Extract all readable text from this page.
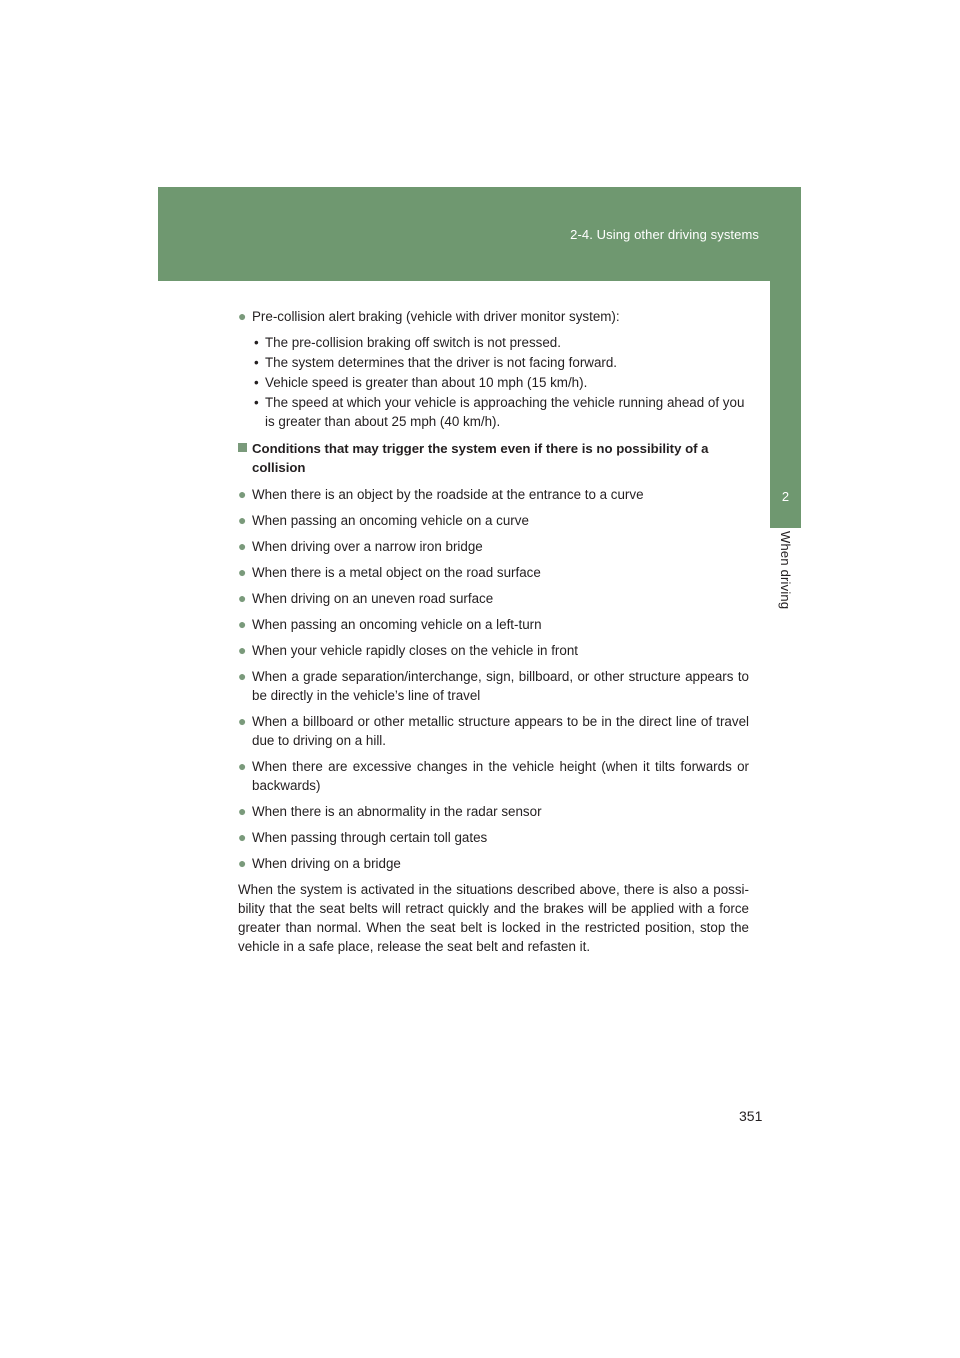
2-4. Using other driving systems
2
When driving
● Pre-collision alert braking (vehicle with driver monitor system):
• The pre-collision braking off switch is not pressed.
• The system determines that the driver is not facing forward.
• Vehicle speed is greater than about 10 mph (15 km/h).
• The speed at which your vehicle is approaching the vehicle running ahead of you is greater than about 25 mph (40 km/h).
Conditions that may trigger the system even if there is no possibility of a collision
● When there is an object by the roadside at the entrance to a curve
● When passing an oncoming vehicle on a curve
● When driving over a narrow iron bridge
● When there is a metal object on the road surface
● When driving on an uneven road surface
● When passing an oncoming vehicle on a left-turn
● When your vehicle rapidly closes on the vehicle in front
● When a grade separation/interchange, sign, billboard, or other structure appears to be directly in the vehicle’s line of travel
● When a billboard or other metallic structure appears to be in the direct line of travel due to driving on a hill.
● When there are excessive changes in the vehicle height (when it tilts forwards or backwards)
● When there is an abnormality in the radar sensor
● When passing through certain toll gates
● When driving on a bridge

When the system is activated in the situations described above, there is also a possi-bility that the seat belts will retract quickly and the brakes will be applied with a force greater than normal. When the seat belt is locked in the restricted position, stop the vehicle in a safe place, release the seat belt and refasten it.

351
